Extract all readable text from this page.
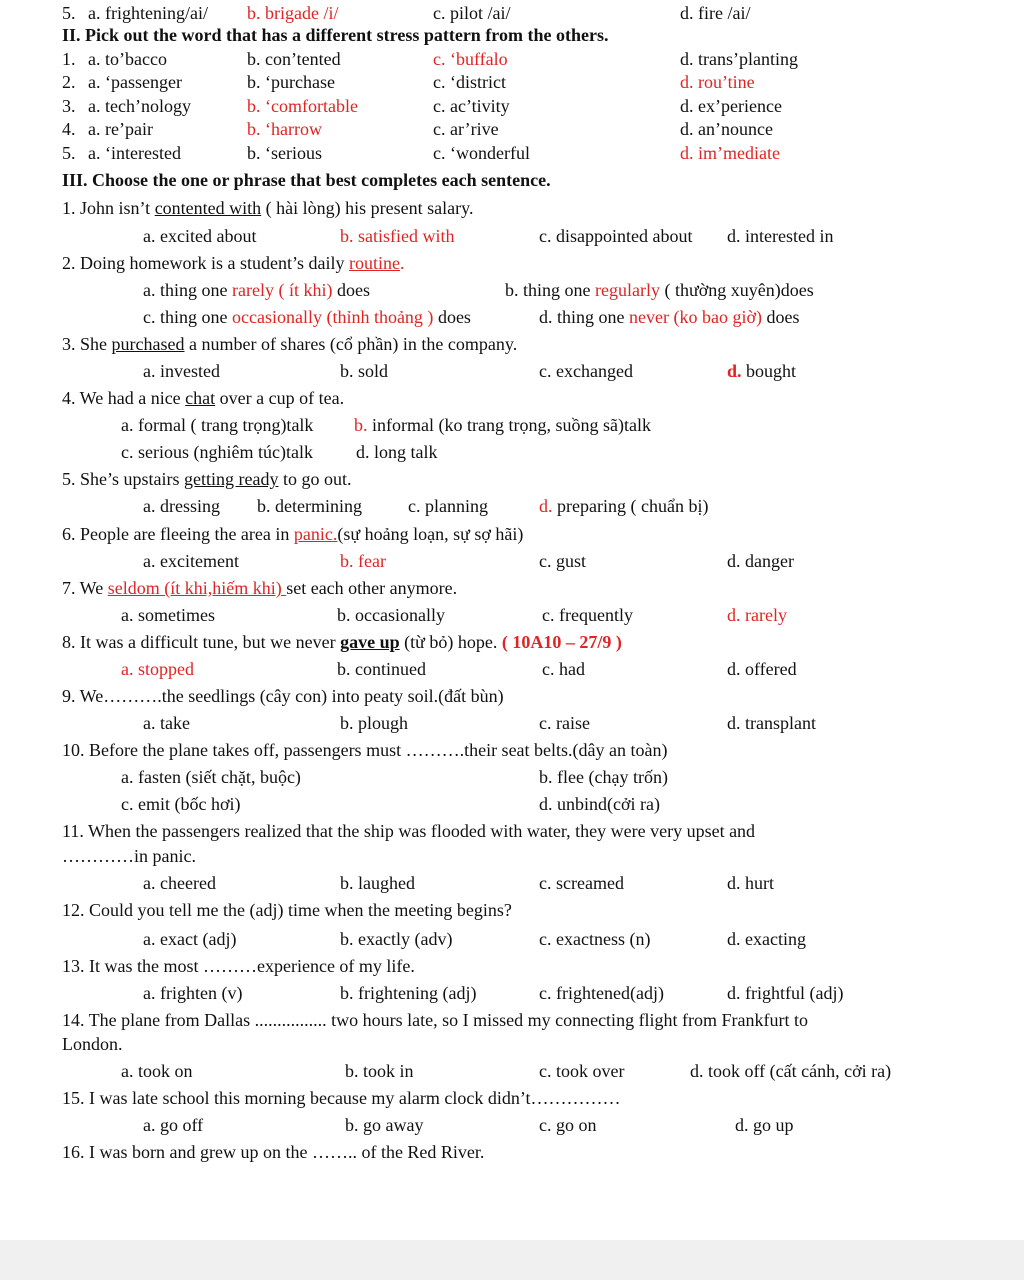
5. a. frightening/ai/ b. brigade /i/	c. pilot /ai/	d. fire /ai/
II. Pick out the word that has a different stress pattern from the others.
1. a. to’bacco	b. con’tented	c. ‘buffalo	d. trans’planting
2. a. ‘passenger	b. ‘purchase	c. ‘district	d. rou’tine
3. a. tech’nology	b. ‘comfortable	c. ac’tivity	d. ex’perience
4. a. re’pair	b. ‘harrow	c. ar’rive	d. an’nounce
5. a. ‘interested	b. ‘serious	c. ‘wonderful	d. im’mediate
III. Choose the one or phrase that best completes each sentence.
1. John isn’t contented with ( hài lòng) his present salary.
a. excited about	b. satisfied with	c. disappointed about d. interested in
2. Doing homework is a student’s daily routine.
a. thing one rarely ( ít khi) does	b. thing one regularly ( thường xuyên)does
c. thing one occasionally (thỉnh thoảng ) does	d. thing one never (ko bao giờ) does
3. She purchased a number of shares (cổ phần) in the company.
a. invested	b. sold	c. exchanged	d. bought
4. We had a nice chat over a cup of tea.
a. formal ( trang trọng)talk b. informal (ko trang trọng, suồng sã)talk
c. serious (nghiêm túc)talk d. long talk
5. She’s upstairs getting ready to go out.
a. dressing b. determining	c. planning	d. preparing ( chuẩn bị)
6. People are fleeing the area in panic.(sự hoảng loạn, sự sợ hãi)
a. excitement	b. fear	c. gust	d. danger
7. We seldom (ít khi,hiếm khi) set each other anymore.
a. sometimes	b. occasionally	c. frequently	d. rarely
8. It was a difficult tune, but we never gave up (từ bỏ) hope. ( 10A10 – 27/9 )
a. stopped	b. continued	c. had	d. offered
9. We……….the seedlings (cây con) into peaty soil.(đất bùn)
a. take	b. plough	c. raise	d. transplant
10. Before the plane takes off, passengers must ……….their seat belts.(dây an toàn)
a. fasten (siết chặt, buộc)	b. flee (chạy trốn)
c. emit (bốc hơi)	d. unbind(cởi ra)
11. When the passengers realized that the ship was flooded with water, they were very upset and
…………in panic.
a. cheered	b. laughed	c. screamed	d. hurt
12. Could you tell me the (adj) time when the meeting begins?
a. exact (adj)	b. exactly (adv)	c. exactness (n)	d. exacting
13. It was the most ………experience of my life.
a. frighten (v)	b. frightening (adj)	c. frightened(adj)	d. frightful (adj)
14. The plane from Dallas ................ two hours late, so I missed my connecting flight from Frankfurt to
London.
a. took on	b. took in	c. took over	d. took off (cất cánh, cởi ra)
15. I was late school this morning because my alarm clock didn’t……………
a. go off	b. go away	c. go on	d. go up
16. I was born and grew up on the …….. of the Red River.
